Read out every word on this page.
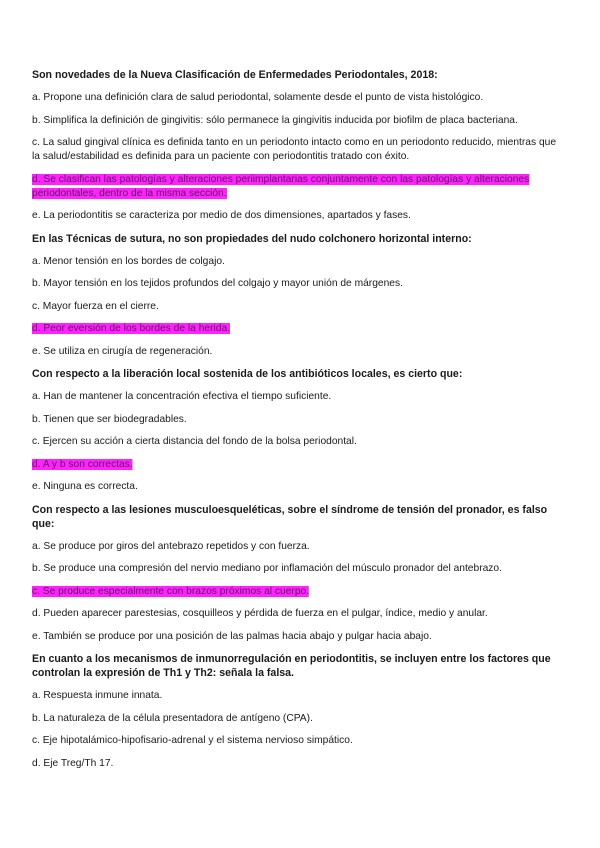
Son novedades de la Nueva Clasificación de Enfermedades Periodontales, 2018:
a. Propone una definición clara de salud periodontal, solamente desde el punto de vista histológico.
b. Simplifica la definición de gingivitis: sólo permanece la gingivitis inducida por biofilm de placa bacteriana.
c. La salud gingival clínica es definida tanto en un periodonto intacto como en un periodonto reducido, mientras que la salud/estabilidad es definida para un paciente con periodontitis tratado con éxito.
d. Se clasifican las patologías y alteraciones periimplantarias conjuntamente con las patologías y alteraciones periodontales, dentro de la misma sección.
e. La periodontitis se caracteriza por medio de dos dimensiones, apartados y fases.
En las Técnicas de sutura, no son propiedades del nudo colchonero horizontal interno:
a. Menor tensión en los bordes de colgajo.
b. Mayor tensión en los tejidos profundos del colgajo y mayor unión de márgenes.
c. Mayor fuerza en el cierre.
d. Peor eversión de los bordes de la herida.
e. Se utiliza en cirugía de regeneración.
Con respecto a la liberación local sostenida de los antibióticos locales, es cierto que:
a. Han de mantener la concentración efectiva el tiempo suficiente.
b. Tienen que ser biodegradables.
c. Ejercen su acción a cierta distancia del fondo de la bolsa periodontal.
d. A y b son correctas.
e. Ninguna es correcta.
Con respecto a las lesiones musculoesqueléticas, sobre el síndrome de tensión del pronador, es falso que:
a. Se produce por giros del antebrazo repetidos y con fuerza.
b. Se produce una compresión del nervio mediano por inflamación del músculo pronador del antebrazo.
c. Se produce especialmente con brazos próximos al cuerpo.
d. Pueden aparecer parestesias, cosquilleos y pérdida de fuerza en el pulgar, índice, medio y anular.
e. También se produce por una posición de las palmas hacia abajo y pulgar hacia abajo.
En cuanto a los mecanismos de inmunorregulación en periodontitis, se incluyen entre los factores que controlan la expresión de Th1 y Th2: señala la falsa.
a. Respuesta inmune innata.
b. La naturaleza de la célula presentadora de antígeno (CPA).
c. Eje hipotalámico-hipofisario-adrenal y el sistema nervioso simpático.
d. Eje Treg/Th 17.
